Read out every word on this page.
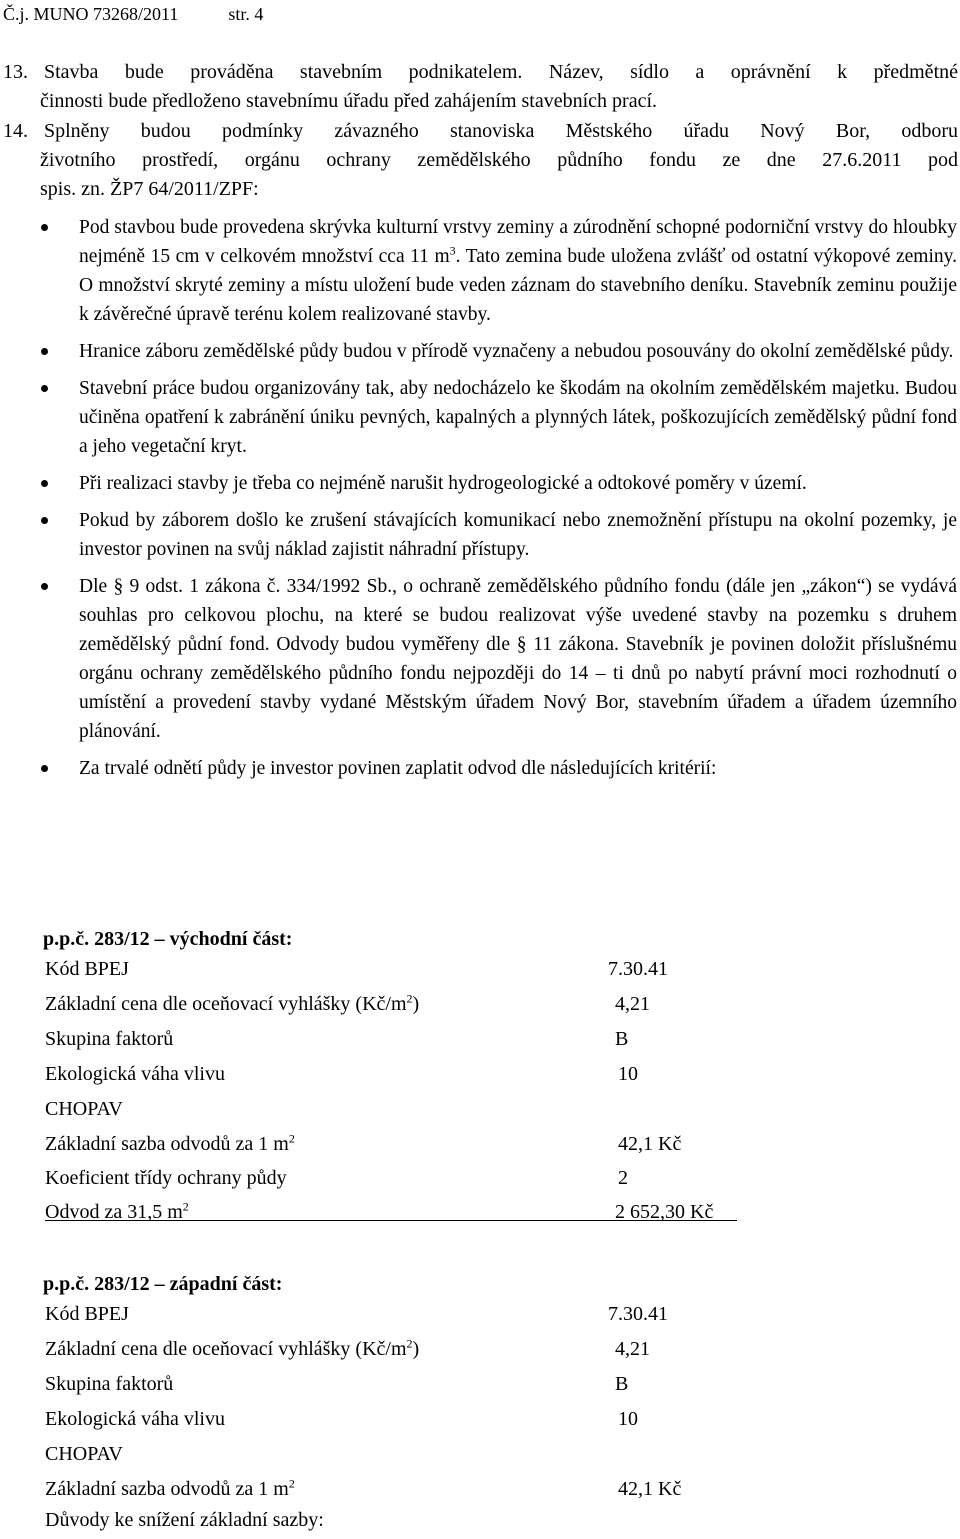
Č.j. MUNO 73268/2011	str. 4
13. Stavba bude prováděna stavebním podnikatelem. Název, sídlo a oprávnění k předmětné
činnosti bude předloženo stavebnímu úřadu před zahájením stavebních prací.
14. Splněny budou podmínky závazného stanoviska Městského úřadu Nový Bor, odboru
životního prostředí, orgánu ochrany zemědělského půdního fondu ze dne 27.6.2011 pod
spis. zn. ŽP7 64/2011/ZPF:
Pod stavbou bude provedena skrývka kulturní vrstvy zeminy a zúrodnění schopné podorniční vrstvy do hloubky nejméně 15 cm v celkovém množství cca 11 $m^3$. Tato zemina bude uložena zvlášť od ostatní výkopové zeminy. O množství skryté zeminy a místu uložení bude veden záznam do stavebního deníku. Stavebník zeminu použije k závěrečné úpravě terénu kolem realizované stavby.
Hranice záboru zemědělské půdy budou v přírodě vyznačeny a nebudou posouvány do okolní zemědělské půdy.
Stavební práce budou organizovány tak, aby nedocházelo ke škodám na okolním zemědělském majetku. Budou učiněna opatření k zabránění úniku pevných, kapalných a plynných látek, poškozujících zemědělský půdní fond a jeho vegetační kryt.
Při realizaci stavby je třeba co nejméně narušit hydrogeologické a odtokové poměry v území.
Pokud by záborem došlo ke zrušení stávajících komunikací nebo znemožnění přístupu na okolní pozemky, je investor povinen na svůj náklad zajistit náhradní přístupy.
Dle § 9 odst. 1 zákona č. 334/1992 Sb., o ochraně zemědělského půdního fondu (dále jen „zákon“) se vydává souhlas pro celkovou plochu, na které se budou realizovat výše uvedené stavby na pozemku s druhem zemědělský půdní fond. Odvody budou vyměřeny dle § 11 zákona. Stavebník je povinen doložit příslušnému orgánu ochrany zemědělského půdního fondu nejpozději do 14 – ti dnů po nabytí právní moci rozhodnutí o umístění a provedení stavby vydané Městským úřadem Nový Bor, stavebním úřadem a úřadem územního plánování.
Za trvalé odnětí půdy je investor povinen zaplatit odvod dle následujících kritérií:
p.p.č. 283/12 – východní část:
Kód BPEJ	7.30.41
Základní cena dle oceňovací vyhlášky $(Kč/m^2)$	4,21
Skupina faktorů	B
Ekologická váha vlivu	10
CHOPAV
Základní sazba odvodů za 1 $m^2$	42,1 Kč
Koeficient třídy ochrany půdy	2
Odvod za 31,5 $m^2$	2 652,30 Kč
p.p.č. 283/12 – západní část:
Kód BPEJ	7.30.41
Základní cena dle oceňovací vyhlášky $(Kč/m^2)$	4,21
Skupina faktorů	B
Ekologická váha vlivu	10
CHOPAV
Základní sazba odvodů za 1 $m^2$	42,1 Kč
Důvody ke snížení základní sazby:
